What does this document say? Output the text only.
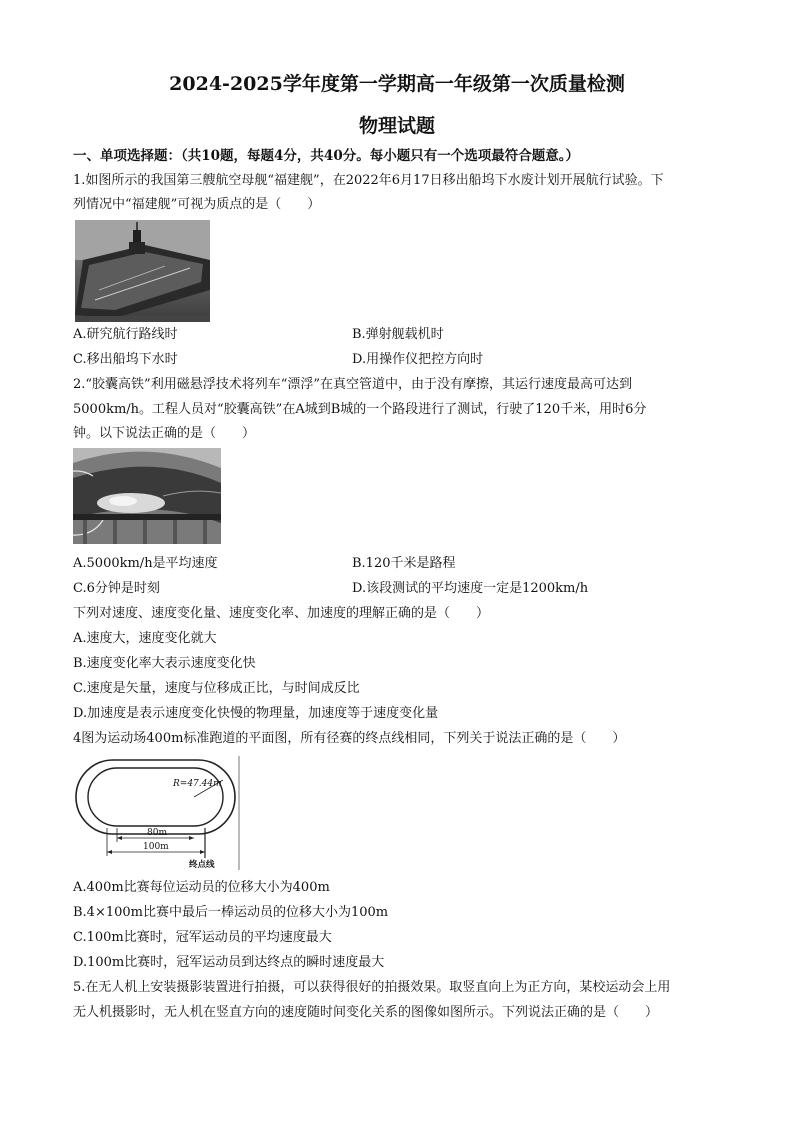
2024-2025学年度第一学期高一年级第一次质量检测
物理试题
一、单项选择题：（共10题，每题4分，共40分。每小题只有一个选项最符合题意。）
1.如图所示的我国第三艘航空母舰“福建舰”，在2022年6月17日移出船坞下水废计划开展航行试验。下
列情况中“福建舰”可视为质点的是（　　）
A.研究航行路线时	B.弹射舰载机时
C.移出船坞下水时	D.用操作仪把控方向时
2.“胶囊高铁”利用磁悬浮技术将列车“漂浮”在真空管道中，由于没有摩擦，其运行速度最高可达到
5000km/h。工程人员对“胶囊高铁”在A城到B城的一个路段进行了测试，行驶了120千米，用时6分
钟。以下说法正确的是（　　）
A.5000km/h是平均速度	B.120千米是路程
C.6分钟是时刻	D.该段测试的平均速度一定是1200km/h
下列对速度、速度变化量、速度变化率、加速度的理解正确的是（　　）
A.速度大，速度变化就大
B.速度变化率大表示速度变化快
C.速度是矢量，速度与位移成正比，与时间成反比
D.加速度是表示速度变化快慢的物理量，加速度等于速度变化量
4图为运动场400m标准跑道的平面图，所有径赛的终点线相同，下列关于说法正确的是（　　）
R=47.44m
80m
100m
终点线
A.400m比赛每位运动员的位移大小为400m
B.4×100m比赛中最后一棒运动员的位移大小为100m
C.100m比赛时，冠军运动员的平均速度最大
D.100m比赛时，冠军运动员到达终点的瞬时速度最大
5.在无人机上安装摄影装置进行拍摄，可以获得很好的拍摄效果。取竖直向上为正方向，某校运动会上用
无人机摄影时，无人机在竖直方向的速度随时间变化关系的图像如图所示。下列说法正确的是（　　）
